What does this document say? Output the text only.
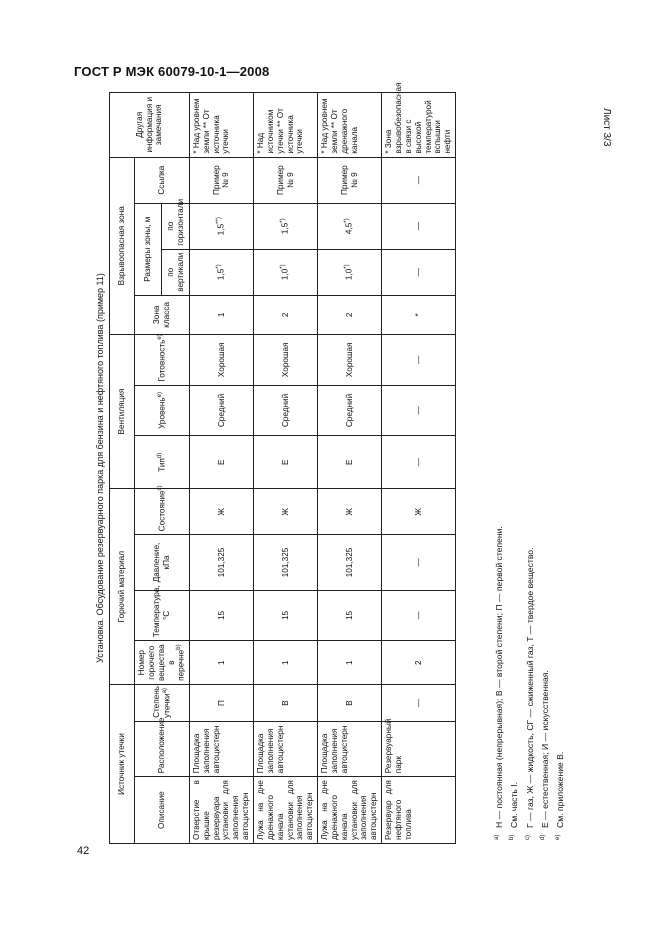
ГОСТ Р МЭК 60079-10-1—2008
Лист 3/3
42
Установка. Обсудование резервуарного парка для бензина и нефтяного топлива (пример 11)
Источник утечки			Горючий материал				Вентиляция			Взрывоопасная зона				Другая информация и замечания
Описание	Расположение	Степень утечки$^{a)}$	Номер горючего вещества в перечне$^{b)}$	Температура, °С	Давление, кПа	Состояние$^{c)}$	Тип$^{d)}$	Уровень$^{e)}$	Готовность$^{e)}$	Зона класса	Размеры зоны, м		Ссылка	
											по вертикали	по горизонтали		
Отверстие в крышке резервуара установки для заполнения автоцистерн	Площадка заполнения автоцистерн	П	1	15	101,325	Ж	Е	Средний	Хорошая	1	1,5*)	1,5**)	Пример № 9	* Над уровнем земли ** От источника утечки
Лужа на дне дренажного канала установки для заполнения автоцистерн	Площадка заполнения автоцистерн	В	1	15	101,325	Ж	Е	Средний	Хорошая	2	1,0*)	1,5*)	Пример № 9	* Над источником утечки ** От источника утечки
Лужа на дне дренажного канала установки для заполнения автоцистерн	Площадка заполнения автоцистерн	В	1	15	101,325	Ж	Е	Средний	Хорошая	2	1,0*)	4,5*)	Пример № 9	* Над уровнем земли ** От дренажного канала
Резервуар для нефтяного топлива	Резервуарный парк	—	2	—	—	Ж	—	—	—	*	—	—	—	* Зона взрывобезопасная в связи с высокой температурой вспышки нефти
$^{a)}$Н — постоянная (непрерывная); В — второй степени; П — первой степени.
$^{b)}$См. часть I.
$^{c)}$Г — газ, Ж — жидкость, СГ — сжиженный газ, Т — твердое вещество.
$^{d)}$Е — естественная; И — искусственная.
$^{e)}$См. приложение В.
